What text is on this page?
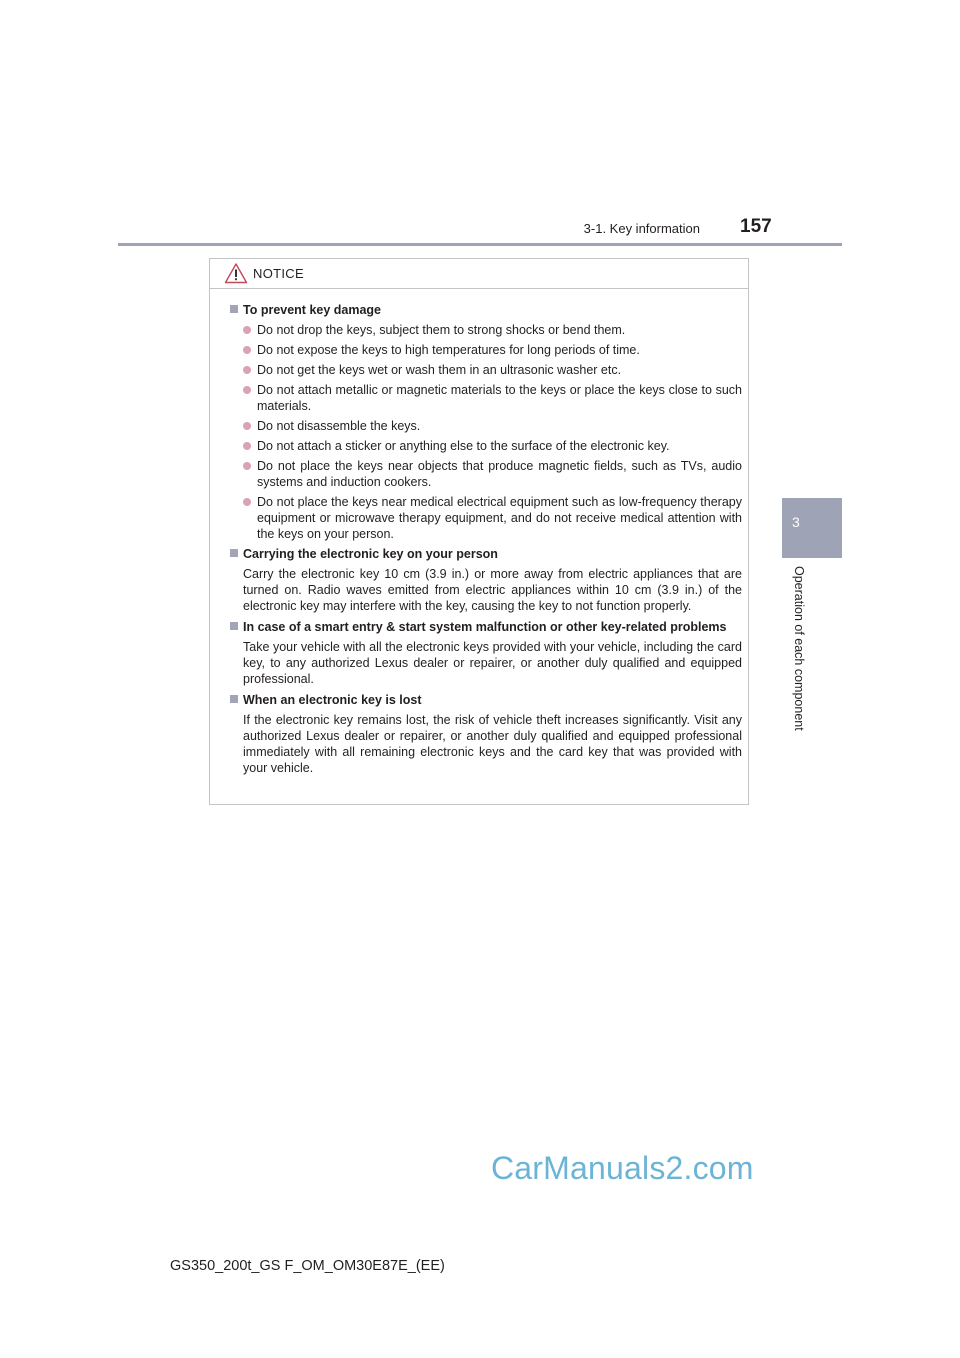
3-1. Key information 157
3
Operation of each component
NOTICE
To prevent key damage
Do not drop the keys, subject them to strong shocks or bend them.
Do not expose the keys to high temperatures for long periods of time.
Do not get the keys wet or wash them in an ultrasonic washer etc.
Do not attach metallic or magnetic materials to the keys or place the keys close to such materials.
Do not disassemble the keys.
Do not attach a sticker or anything else to the surface of the electronic key.
Do not place the keys near objects that produce magnetic fields, such as TVs, audio systems and induction cookers.
Do not place the keys near medical electrical equipment such as low-frequency therapy equipment or microwave therapy equipment, and do not receive medical attention with the keys on your person.
Carrying the electronic key on your person
Carry the electronic key 10 cm (3.9 in.) or more away from electric appliances that are turned on. Radio waves emitted from electric appliances within 10 cm (3.9 in.) of the electronic key may interfere with the key, causing the key to not function properly.
In case of a smart entry & start system malfunction or other key-related problems
Take your vehicle with all the electronic keys provided with your vehicle, including the card key, to any authorized Lexus dealer or repairer, or another duly qualified and equipped professional.
When an electronic key is lost
If the electronic key remains lost, the risk of vehicle theft increases significantly. Visit any authorized Lexus dealer or repairer, or another duly qualified and equipped professional immediately with all remaining electronic keys and the card key that was provided with your vehicle.
CarManuals2.com
GS350_200t_GS F_OM_OM30E87E_(EE)
